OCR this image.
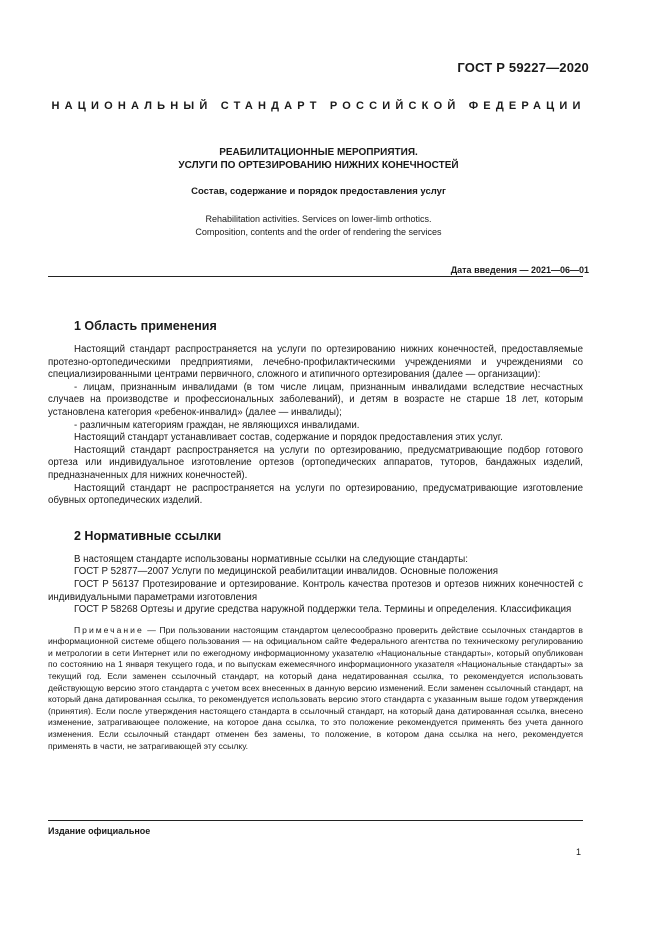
ГОСТ Р 59227—2020
НАЦИОНАЛЬНЫЙ СТАНДАРТ РОССИЙСКОЙ ФЕДЕРАЦИИ
РЕАБИЛИТАЦИОННЫЕ МЕРОПРИЯТИЯ.
УСЛУГИ ПО ОРТЕЗИРОВАНИЮ НИЖНИХ КОНЕЧНОСТЕЙ
Состав, содержание и порядок предоставления услуг
Rehabilitation activities. Services on lower-limb orthotics.
Composition, contents and the order of rendering the services
Дата введения — 2021—06—01
1 Область применения

Настоящий стандарт распространяется на услуги по ортезированию нижних конечностей, предоставляемые протезно-ортопедическими предприятиями, лечебно-профилактическими учреждениями и учреждениями со специализированными центрами первичного, сложного и атипичного ортезирования (далее — организации):

- лицам, признанным инвалидами (в том числе лицам, признанным инвалидами вследствие несчастных случаев на производстве и профессиональных заболеваний), и детям в возрасте не старше 18 лет, которым установлена категория «ребенок-инвалид» (далее — инвалиды);

- различным категориям граждан, не являющихся инвалидами.

Настоящий стандарт устанавливает состав, содержание и порядок предоставления этих услуг.

Настоящий стандарт распространяется на услуги по ортезированию, предусматривающие подбор готового ортеза или индивидуальное изготовление ортезов (ортопедических аппаратов, туторов, бандажных изделий, предназначенных для нижних конечностей).

Настоящий стандарт не распространяется на услуги по ортезированию, предусматривающие изготовление обувных ортопедических изделий.

2 Нормативные ссылки

В настоящем стандарте использованы нормативные ссылки на следующие стандарты:

ГОСТ Р 52877—2007 Услуги по медицинской реабилитации инвалидов. Основные положения

ГОСТ Р 56137 Протезирование и ортезирование. Контроль качества протезов и ортезов нижних конечностей с индивидуальными параметрами изготовления

ГОСТ Р 58268 Ортезы и другие средства наружной поддержки тела. Термины и определения. Классификация

Примечание — При пользовании настоящим стандартом целесообразно проверить действие ссылочных стандартов в информационной системе общего пользования — на официальном сайте Федерального агентства по техническому регулированию и метрологии в сети Интернет или по ежегодному информационному указателю «Национальные стандарты», который опубликован по состоянию на 1 января текущего года, и по выпускам ежемесячного информационного указателя «Национальные стандарты» за текущий год. Если заменен ссылочный стандарт, на который дана недатированная ссылка, то рекомендуется использовать действующую версию этого стандарта с учетом всех внесенных в данную версию изменений. Если заменен ссылочный стандарт, на который дана датированная ссылка, то рекомендуется использовать версию этого стандарта с указанным выше годом утверждения (принятия). Если после утверждения настоящего стандарта в ссылочный стандарт, на который дана датированная ссылка, внесено изменение, затрагивающее положение, на которое дана ссылка, то это положение рекомендуется применять без учета данного изменения. Если ссылочный стандарт отменен без замены, то положение, в котором дана ссылка на него, рекомендуется применять в части, не затрагивающей эту ссылку.

Издание официальное
1
